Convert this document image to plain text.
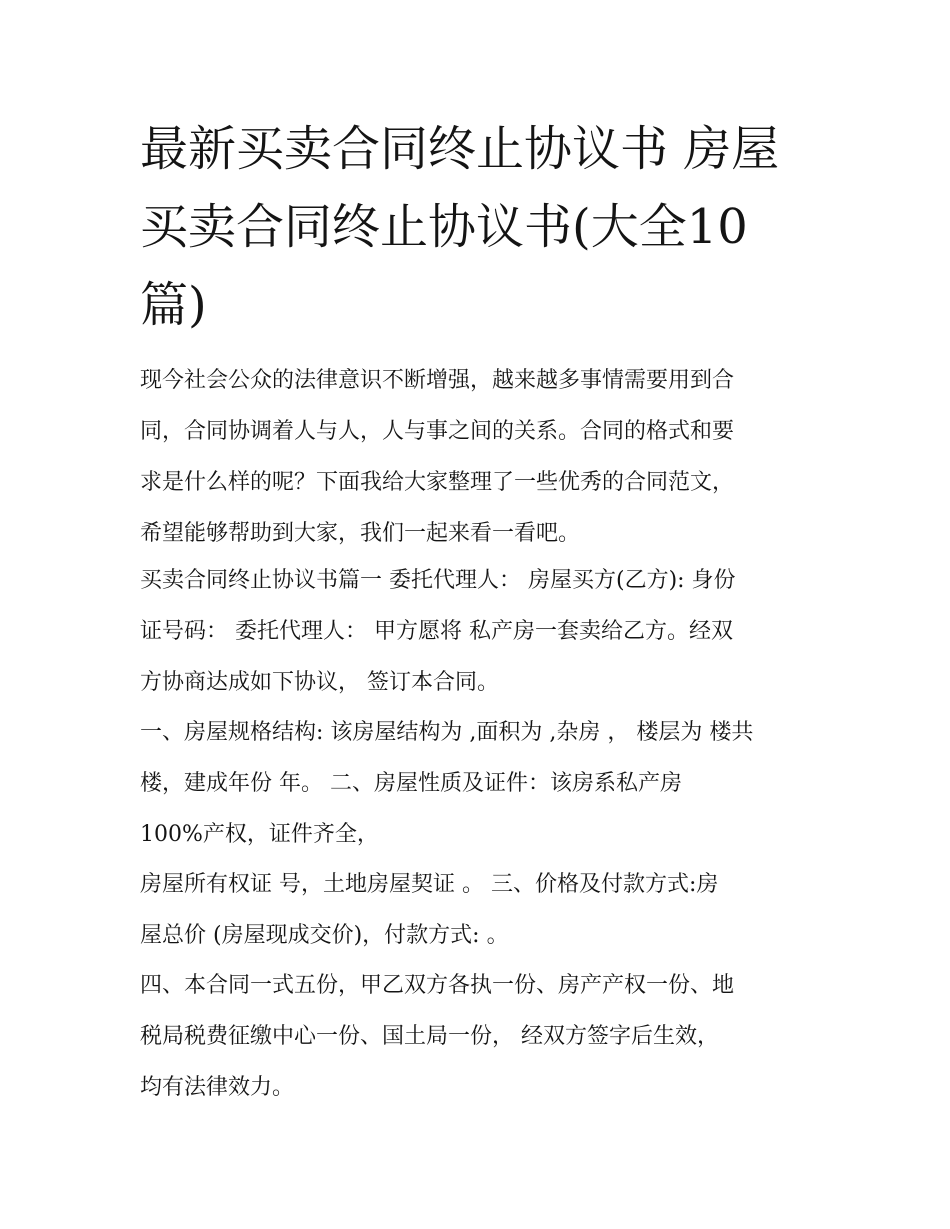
最新买卖合同终止协议书 房屋
买卖合同终止协议书(大全10
篇)
现今社会公众的法律意识不断增强，越来越多事情需要用到合
同，合同协调着人与人，人与事之间的关系。合同的格式和要
求是什么样的呢？下面我给大家整理了一些优秀的合同范文，
希望能够帮助到大家，我们一起来看一看吧。
买卖合同终止协议书篇一 委托代理人： 房屋买方(乙方): 身份
证号码： 委托代理人： 甲方愿将 私产房一套卖给乙方。经双
方协商达成如下协议， 签订本合同。
一、房屋规格结构: 该房屋结构为 ,面积为 ,杂房 ， 楼层为 楼共
楼，建成年份 年。 二、房屋性质及证件：该房系私产房
100%产权，证件齐全，
房屋所有权证 号，土地房屋契证 。 三、价格及付款方式:房
屋总价 (房屋现成交价)，付款方式: 。
四、本合同一式五份，甲乙双方各执一份、房产产权一份、地
税局税费征缴中心一份、国土局一份， 经双方签字后生效，
均有法律效力。
